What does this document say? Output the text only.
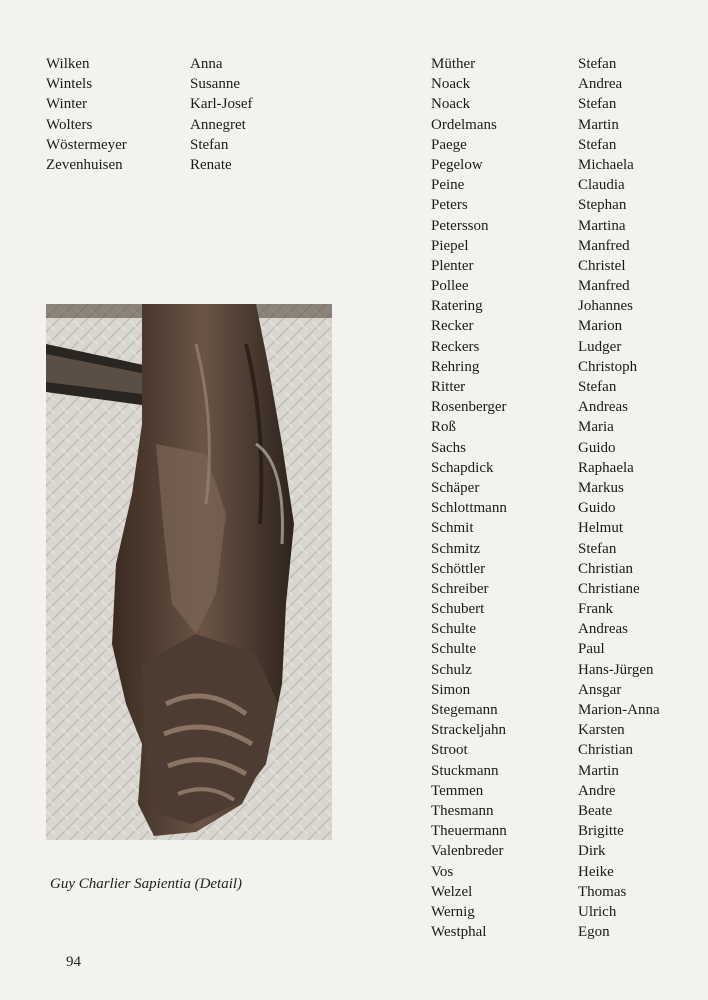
Wilken
Wintels
Winter
Wolters
Wöstermeyer
Zevenhuisen
Anna
Susanne
Karl-Josef
Annegret
Stefan
Renate
Guy Charlier Sapientia (Detail)
94
Müther
Noack
Noack
Ordelmans
Paege
Pegelow
Peine
Peters
Petersson
Piepel
Plenter
Pollee
Ratering
Recker
Reckers
Rehring
Ritter
Rosenberger
Roß
Sachs
Schapdick
Schäper
Schlottmann
Schmit
Schmitz
Schöttler
Schreiber
Schubert
Schulte
Schulte
Schulz
Simon
Stegemann
Strackeljahn
Stroot
Stuckmann
Temmen
Thesmann
Theuermann
Valenbreder
Vos
Welzel
Wernig
Westphal
Stefan
Andrea
Stefan
Martin
Stefan
Michaela
Claudia
Stephan
Martina
Manfred
Christel
Manfred
Johannes
Marion
Ludger
Christoph
Stefan
Andreas
Maria
Guido
Raphaela
Markus
Guido
Helmut
Stefan
Christian
Christiane
Frank
Andreas
Paul
Hans-Jürgen
Ansgar
Marion-Anna
Karsten
Christian
Martin
Andre
Beate
Brigitte
Dirk
Heike
Thomas
Ulrich
Egon
